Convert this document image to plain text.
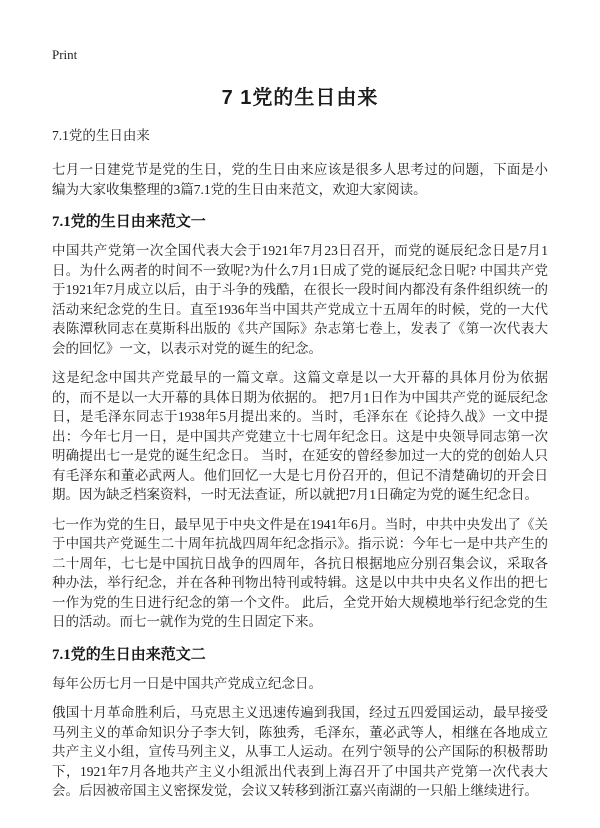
Print
7 1党的生日由来
7.1党的生日由来

七月一日建党节是党的生日，党的生日由来应该是很多人思考过的问题，下面是小编为大家收集整理的3篇7.1党的生日由来范文，欢迎大家阅读。

7.1党的生日由来范文一

中国共产党第一次全国代表大会于1921年7月23日召开，而党的诞辰纪念日是7月1日。为什么两者的时间不一致呢?为什么7月1日成了党的诞辰纪念日呢? 中国共产党于1921年7月成立以后，由于斗争的残酷，在很长一段时间内都没有条件组织统一的活动来纪念党的生日。直至1936年当中国共产党成立十五周年的时候，党的一大代表陈潭秋同志在莫斯科出版的《共产国际》杂志第七卷上，发表了《第一次代表大会的回忆》一文，以表示对党的诞生的纪念。

这是纪念中国共产党最早的一篇文章。这篇文章是以一大开幕的具体月份为依据的，而不是以一大开幕的具体日期为依据的。 把7月1日作为中国共产党的诞辰纪念日，是毛泽东同志于1938年5月提出来的。当时，毛泽东在《论持久战》一文中提出：今年七月一日，是中国共产党建立十七周年纪念日。这是中央领导同志第一次明确提出七一是党的诞生纪念日。 当时，在延安的曾经参加过一大的党的创始人只有毛泽东和董必武两人。他们回忆一大是七月份召开的，但记不清楚确切的开会日期。因为缺乏档案资料，一时无法查证，所以就把7月1日确定为党的诞生纪念日。

七一作为党的生日，最早见于中央文件是在1941年6月。当时，中共中央发出了《关于中国共产党诞生二十周年抗战四周年纪念指示》。指示说：今年七一是中共产生的二十周年，七七是中国抗日战争的四周年，各抗日根据地应分别召集会议，采取各种办法，举行纪念，并在各种刊物出特刊或特辑。这是以中共中央名义作出的把七一作为党的生日进行纪念的第一个文件。 此后，全党开始大规模地举行纪念党的生日的活动。而七一就作为党的生日固定下来。

7.1党的生日由来范文二

每年公历七月一日是中国共产党成立纪念日。

俄国十月革命胜利后，马克思主义迅速传遍到我国，经过五四爱国运动，最早接受马列主义的革命知识分子李大钊，陈独秀，毛泽东，董必武等人，相继在各地成立共产主义小组，宣传马列主义，从事工人运动。在列宁领导的公产国际的积极帮助下，1921年7月各地共产主义小组派出代表到上海召开了中国共产党第一次代表大会。后因被帝国主义密探发觉，会议又转移到浙江嘉兴南湖的一只船上继续进行。
